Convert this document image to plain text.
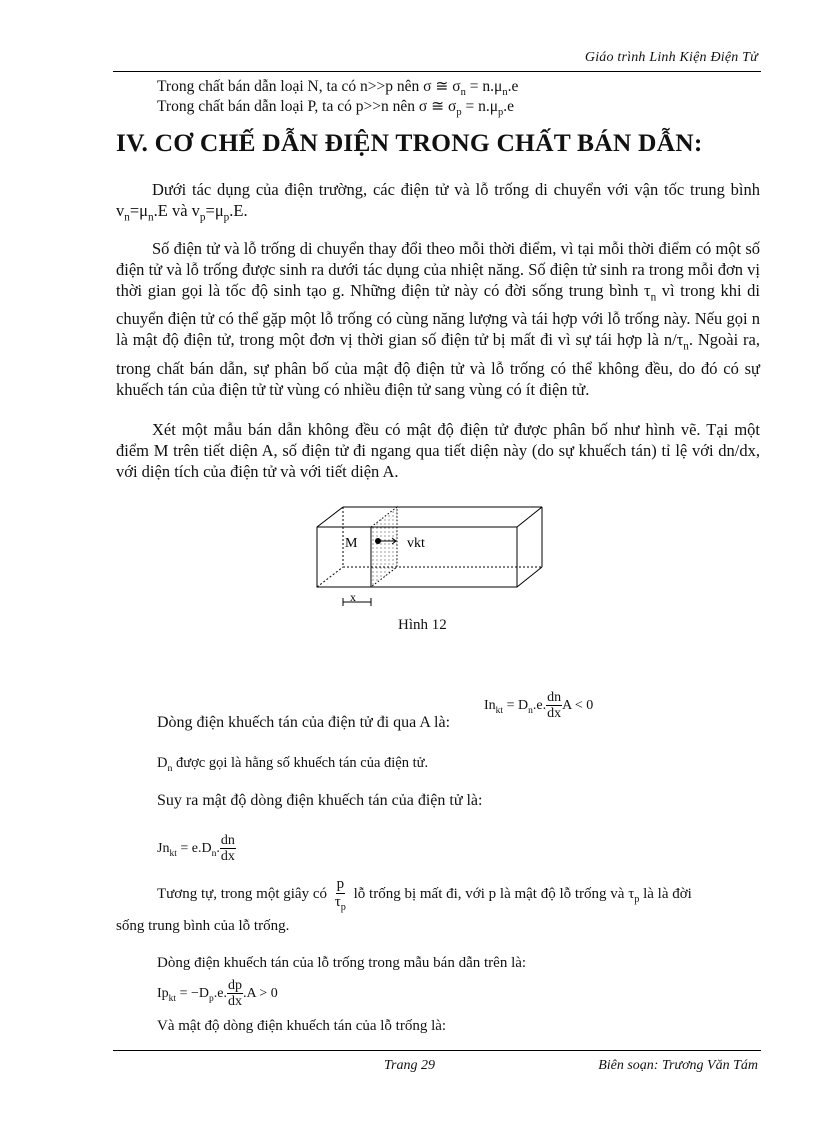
Giáo trình Linh Kiện Điện Tử
Trong chất bán dẫn loại N, ta có n>>p nên σ ≅ $\sigma_n = n.\mu_n.e$
Trong chất bán dẫn loại P, ta có p>>n nên σ ≅ $\sigma_p = n.\mu_p.e$
IV. CƠ CHẾ DẪN ĐIỆN TRONG CHẤT BÁN DẪN:
Dưới tác dụng của điện trường, các điện tử và lỗ trống di chuyển với vận tốc trung bình $v_n=\mu_n.E$ và $v_p=\mu_p.E$.
Số điện tử và lỗ trống di chuyển thay đổi theo mỗi thời điểm, vì tại mỗi thời điểm có một số điện tử và lỗ trống được sinh ra dưới tác dụng của nhiệt năng. Số điện tử sinh ra trong mỗi đơn vị thời gian gọi là tốc độ sinh tạo g. Những điện tử này có đời sống trung bình $\tau_n$ vì trong khi di chuyển điện tử có thể gặp một lỗ trống có cùng năng lượng và tái hợp với lỗ trống này. Nếu gọi n là mật độ điện tử, trong một đơn vị thời gian số điện tử bị mất đi vì sự tái hợp là $n/\tau_n$. Ngoài ra, trong chất bán dẫn, sự phân bố của mật độ điện tử và lỗ trống có thể không đều, do đó có sự khuếch tán của điện tử từ vùng có nhiều điện tử sang vùng có ít điện tử.
Xét một mẫu bán dẫn không đều có mật độ điện tử được phân bố như hình vẽ. Tại một điểm M trên tiết diện A, số điện tử đi ngang qua tiết diện này (do sự khuếch tán) tỉ lệ với dn/dx, với diện tích của điện tử và với tiết diện A.
M	vkt
x
Hình 12
Dòng điện khuếch tán của điện tử đi qua A là:
$In_{kt} = D_n.e$. $\frac{dn}{dx}$ A < 0
$D_n$ được gọi là hằng số khuếch tán của điện tử.
Suy ra mật độ dòng điện khuếch tán của điện tử là:
$Jn_{kt} = e.D_n$. $\frac{dn}{dx}$
Tương tự, trong một giây có $\frac{p}{\tau_p}$ lỗ trống bị mất đi, với p là mật độ lỗ trống và $\tau_p$ là là đời
sống trung bình của lỗ trống.
Dòng điện khuếch tán của lỗ trống trong mẫu bán dẫn trên là:
$Ip_{kt} = -D_p.e$. $\frac{dp}{dx} .A > 0$
Và mật độ dòng điện khuếch tán của lỗ trống là:
Trang 29	Biên soạn: Trương Văn Tám
